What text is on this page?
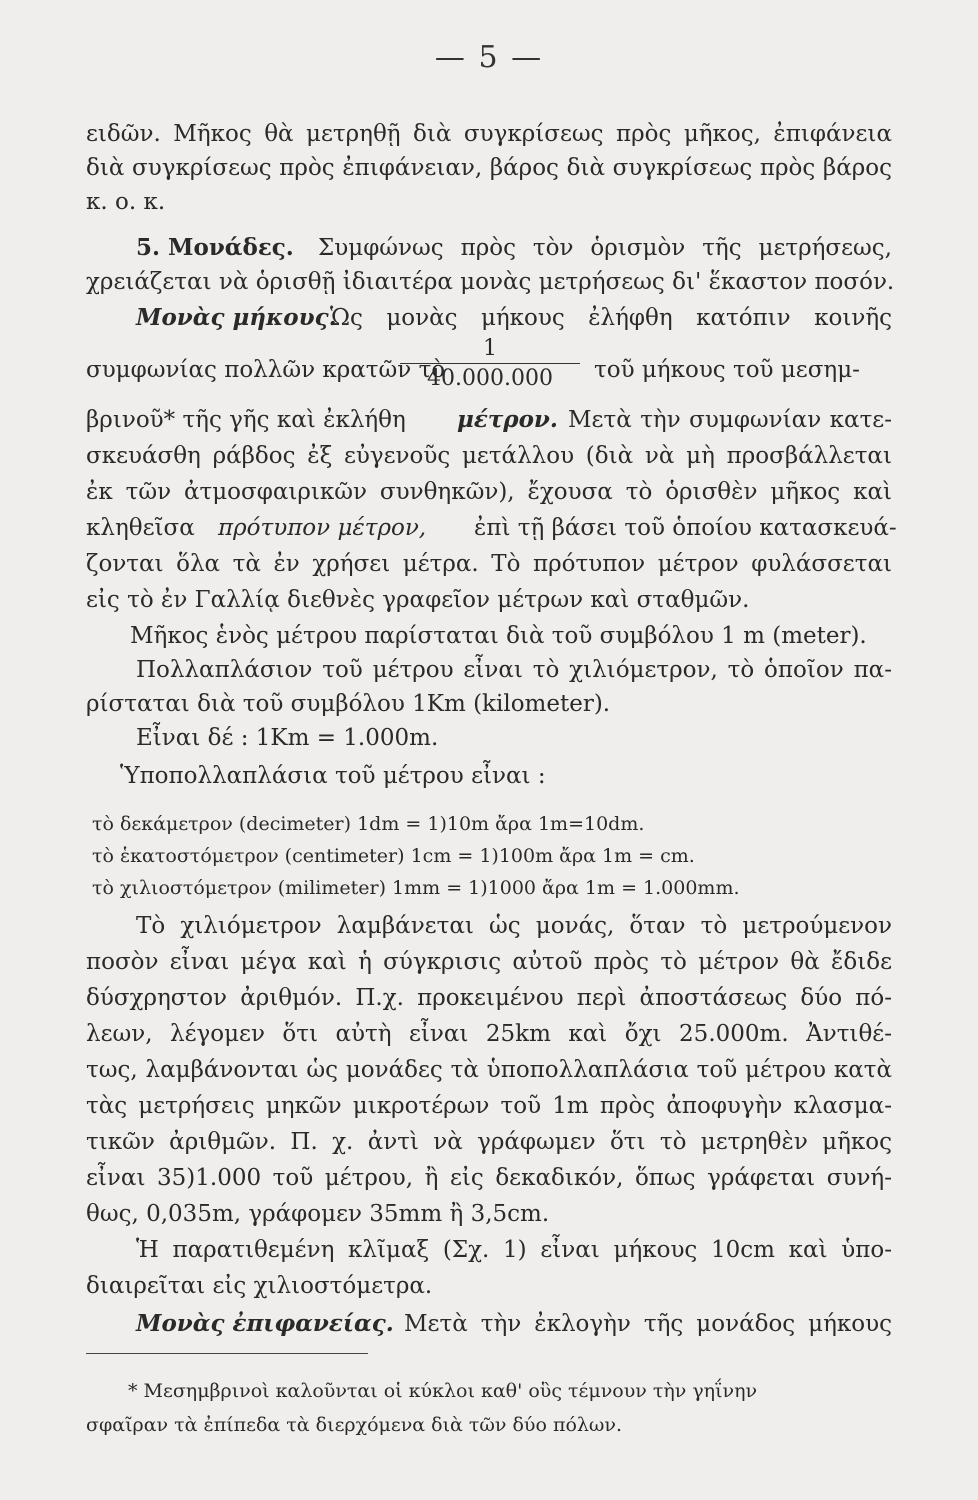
— 5 —
ειδῶν. Μῆκος θὰ μετρηθῇ διὰ συγκρίσεως πρὸς μῆκος, ἐπιφάνεια
διὰ συγκρίσεως πρὸς ἐπιφάνειαν, βάρος διὰ συγκρίσεως πρὸς βάρος
κ. ο. κ.
5. Μονάδες. Συμφώνως πρὸς τὸν ὁρισμὸν τῆς μετρήσεως,
χρειάζεται νὰ ὁρισθῇ ἰδιαιτέρα μονὰς μετρήσεως δι' ἕκαστον ποσόν.
Μονὰς μήκους.
Ὡς μονὰς μήκους ἐλήφθη κατόπιν κοινῆς
συμφωνίας πολλῶν κρατῶν τὸ
1
40.000.000	τοῦ μήκους τοῦ μεσημ-
βρινοῦ* τῆς γῆς καὶ ἐκλήθη μέτρον. Μετὰ τὴν συμφωνίαν κατε-
σκευάσθη ράβδος ἐξ εὐγενοῦς μετάλλου (διὰ νὰ μὴ προσβάλλεται
ἐκ τῶν ἀτμοσφαιρικῶν συνθηκῶν), ἔχουσα τὸ ὁρισθὲν μῆκος καὶ
κληθεῖσα πρότυπον μέτρον, ἐπὶ τῇ βάσει τοῦ ὁποίου κατασκευά-
ζονται ὅλα τὰ ἐν χρήσει μέτρα. Τὸ πρότυπον μέτρον φυλάσσεται
εἰς τὸ ἐν Γαλλίᾳ διεθνὲς γραφεῖον μέτρων καὶ σταθμῶν.
Μῆκος ἑνὸς μέτρου παρίσταται διὰ τοῦ συμβόλου 1 m (meter).
Πολλαπλάσιον τοῦ μέτρου εἶναι τὸ χιλιόμετρον, τὸ ὁποῖον πα-
ρίσταται διὰ τοῦ συμβόλου 1Km (kilometer).
Εἶναι δέ : 1Km = 1.000m.
Ὑποπολλαπλάσια τοῦ μέτρου εἶναι :
τὸ δεκάμετρον (decimeter) 1dm = 1)10m ἄρα 1m=10dm.
τὸ ἑκατοστόμετρον (centimeter) 1cm = 1)100m ἄρα 1m = cm.
τὸ χιλιοστόμετρον (milimeter) 1mm = 1)1000 ἄρα 1m = 1.000mm.
Τὸ χιλιόμετρον λαμβάνεται ὡς μονάς, ὅταν τὸ μετρούμενον
ποσὸν εἶναι μέγα καὶ ἡ σύγκρισις αὐτοῦ πρὸς τὸ μέτρον θὰ ἔδιδε
δύσχρηστον ἀριθμόν. Π.χ. προκειμένου περὶ ἀποστάσεως δύο πό-
λεων, λέγομεν ὅτι αὐτὴ εἶναι 25km καὶ ὄχι 25.000m. Ἀντιθέ-
τως, λαμβάνονται ὡς μονάδες τὰ ὑποπολλαπλάσια τοῦ μέτρου κατὰ
τὰς μετρήσεις μηκῶν μικροτέρων τοῦ 1m πρὸς ἀποφυγὴν κλασμα-
τικῶν ἀριθμῶν. Π. χ. ἀντὶ νὰ γράφωμεν ὅτι τὸ μετρηθὲν μῆκος
εἶναι 35)1.000 τοῦ μέτρου, ἢ εἰς δεκαδικόν, ὅπως γράφεται συνή-
θως, 0,035m, γράφομεν 35mm ἢ 3,5cm.
Ἡ παρατιθεμένη κλῖμαξ (Σχ. 1) εἶναι μήκους 10cm καὶ ὑπο-
διαιρεῖται εἰς χιλιοστόμετρα.
Μονὰς ἐπιφανείας. Μετὰ τὴν ἐκλογὴν τῆς μονάδος μήκους
* Μεσημβρινοὶ καλοῦνται οἱ κύκλοι καθ' οὓς τέμνουν τὴν γηΐνην
σφαῖραν τὰ ἐπίπεδα τὰ διερχόμενα διὰ τῶν δύο πόλων.
